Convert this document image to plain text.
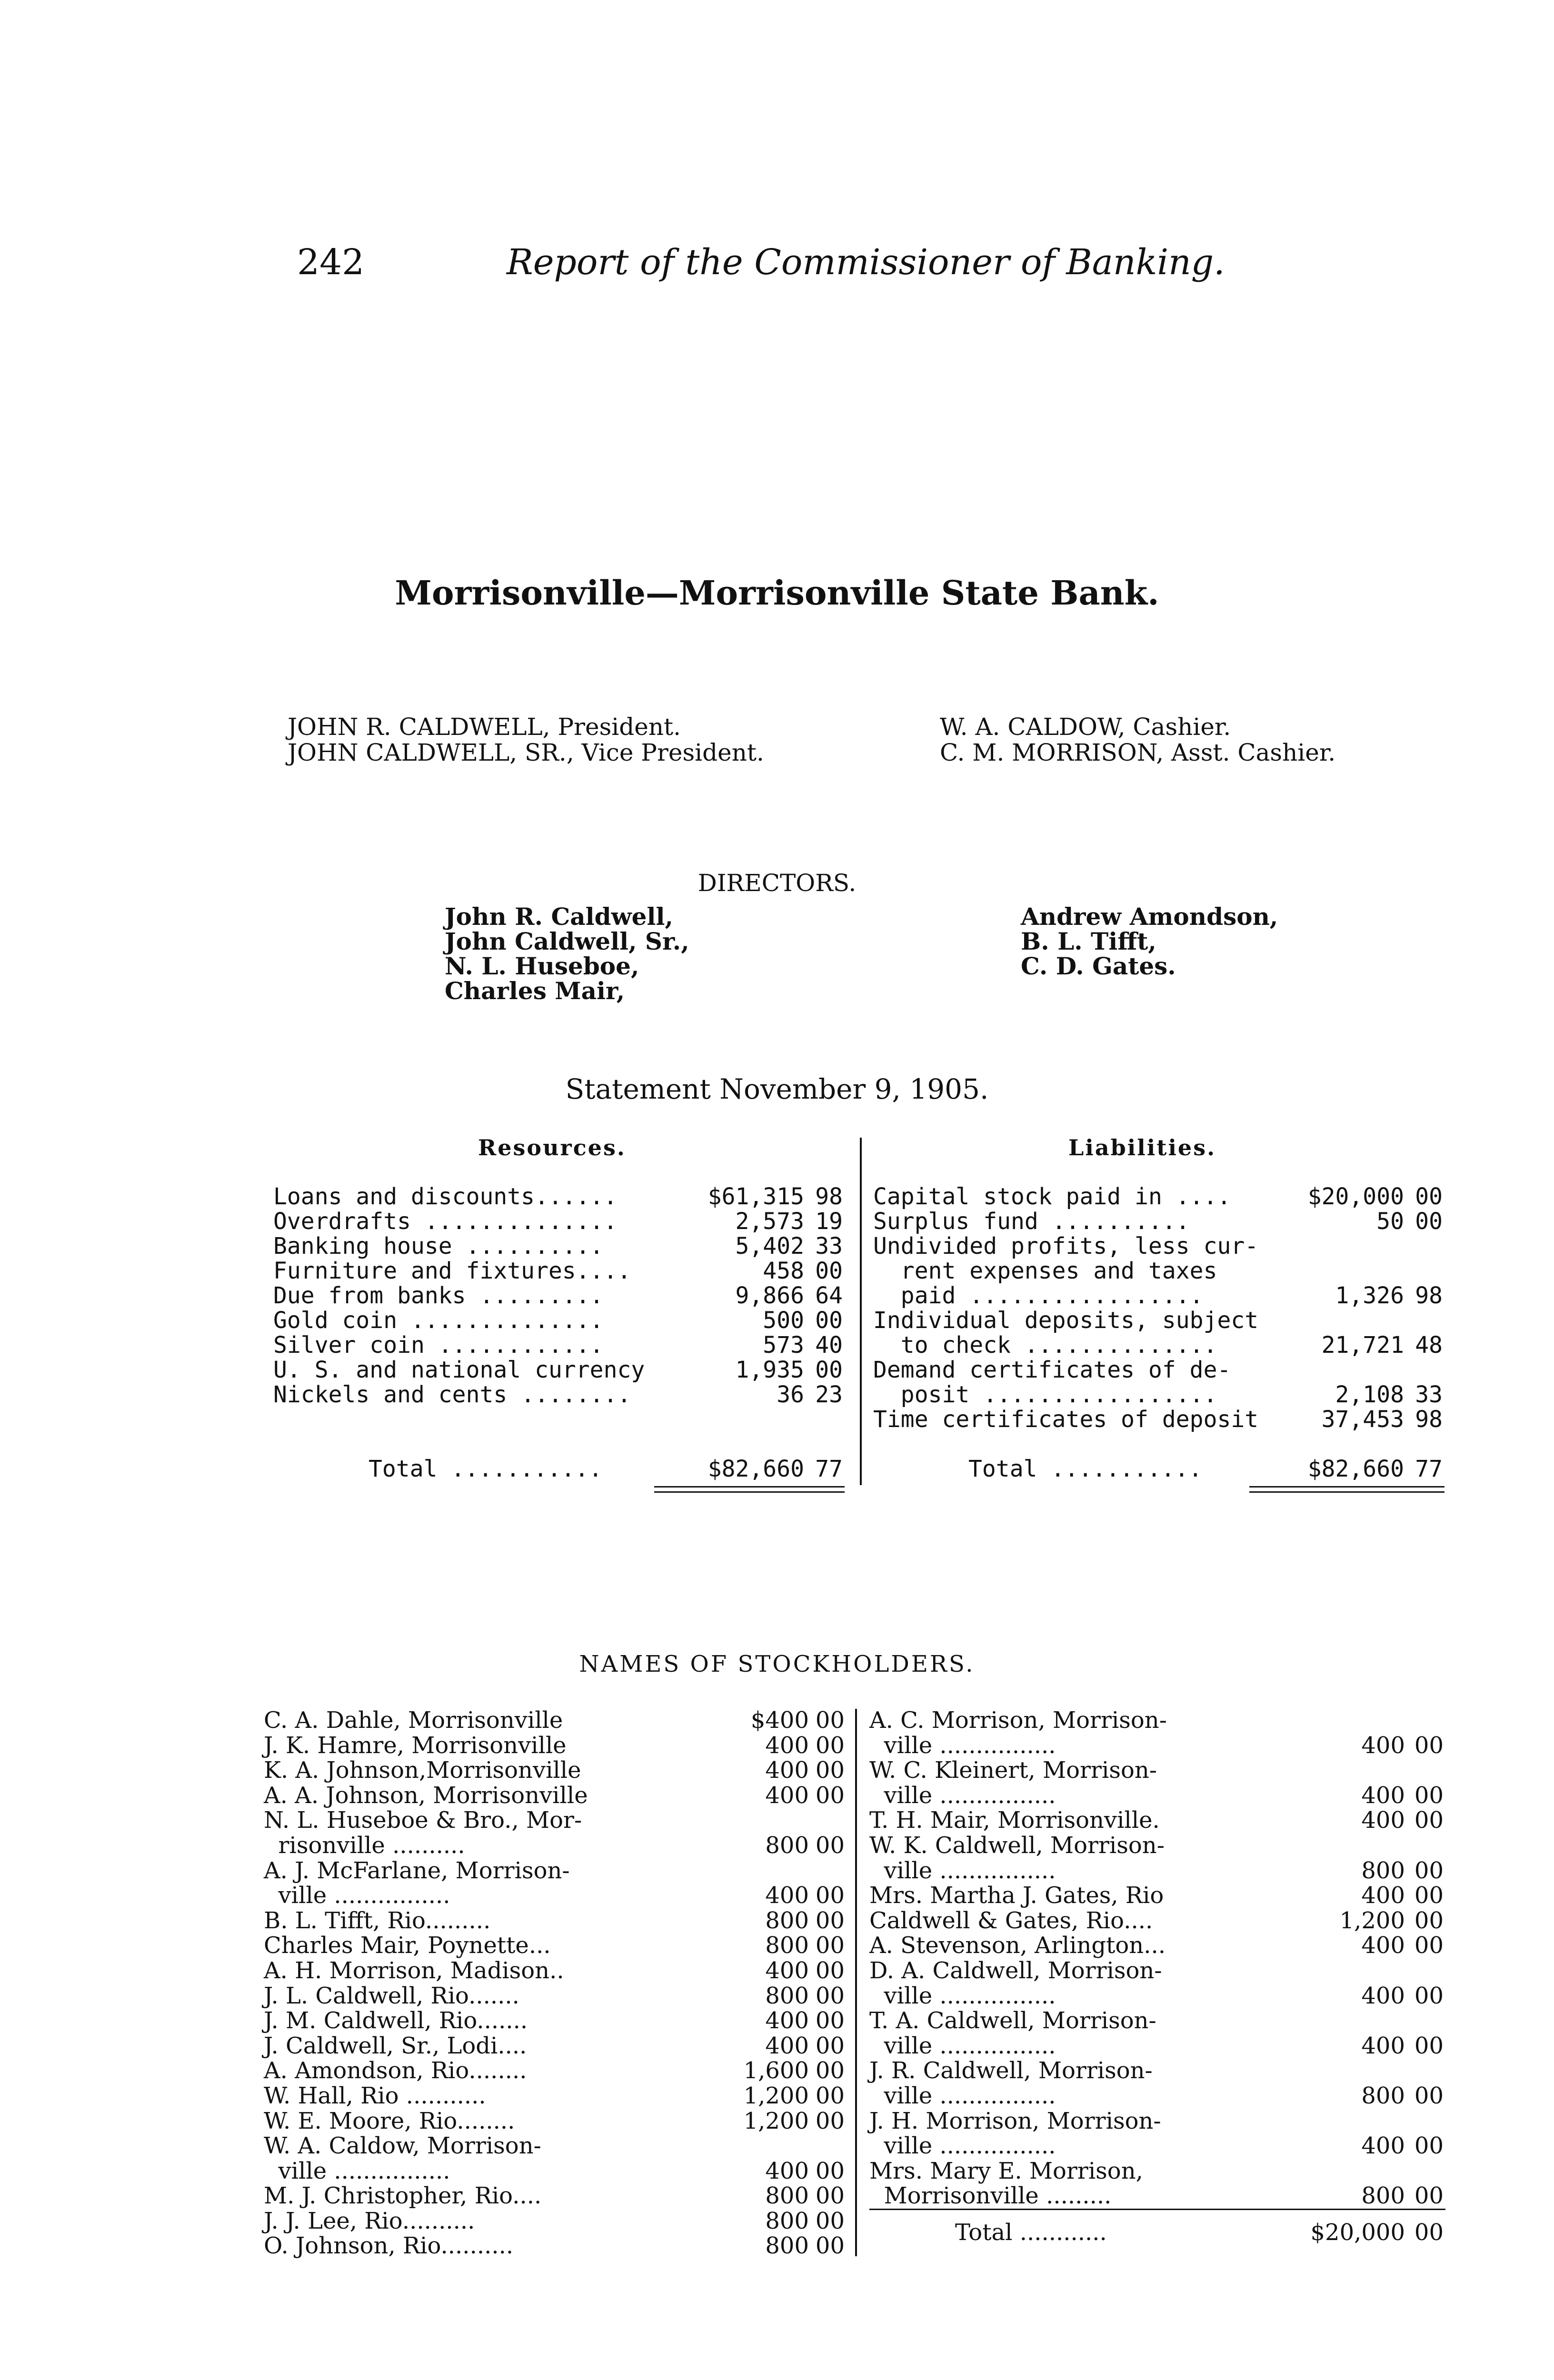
242	Report of the Commissioner of Banking.
Morrisonville—Morrisonville State Bank.
JOHN R. CALDWELL, President.
JOHN CALDWELL, SR., Vice President.
W. A. CALDOW, Cashier.
C. M. MORRISON, Asst. Cashier.
DIRECTORS.
John R. Caldwell,
John Caldwell, Sr.,
N. L. Huseboe,
Charles Mair,
Andrew Amondson,
B. L. Tifft,
C. D. Gates.
Statement November 9, 1905.
Resources.	Liabilities.
Loans and discounts......	$61,315 98
Overdrafts ..............	2,573 19
Banking house ..........	5,402 33
Furniture and fixtures....	458 00
Due from banks .........	9,866 64
Gold coin ..............	500 00
Silver coin ............	573 40
U. S. and national currency	1,935 00
Nickels and cents ........	36 23
Total ...........	$82,660 77
Capital stock paid in ....	$20,000 00
Surplus fund ..........	50 00
Undivided profits, less cur-
rent expenses and taxes
paid .................	1,326 98
Individual deposits, subject
to check ..............	21,721 48
Demand certificates of de-
posit .................	2,108 33
Time certificates of deposit	37,453 98
Total ...........	$82,660 77
NAMES OF STOCKHOLDERS.
C. A. Dahle, Morrisonville	$400 00
J. K. Hamre, Morrisonville	400 00
K. A. Johnson,Morrisonville	400 00
A. A. Johnson, Morrisonville	400 00
N. L. Huseboe & Bro., Mor-
risonville ..........	800 00
A. J. McFarlane, Morrison-
ville ................	400 00
B. L. Tifft, Rio.........	800 00
Charles Mair, Poynette...	800 00
A. H. Morrison, Madison..	400 00
J. L. Caldwell, Rio.......	800 00
J. M. Caldwell, Rio.......	400 00
J. Caldwell, Sr., Lodi....	400 00
A. Amondson, Rio........	1,600 00
W. Hall, Rio ...........	1,200 00
W. E. Moore, Rio........	1,200 00
W. A. Caldow, Morrison-
ville ................	400 00
M. J. Christopher, Rio....	800 00
J. J. Lee, Rio..........	800 00
O. Johnson, Rio..........	800 00
A. C. Morrison, Morrison-
ville ................	400 00
W. C. Kleinert, Morrison-
ville ................	400 00
T. H. Mair, Morrisonville.	400 00
W. K. Caldwell, Morrison-
ville ................	800 00
Mrs. Martha J. Gates, Rio	400 00
Caldwell & Gates, Rio....	1,200 00
A. Stevenson, Arlington...	400 00
D. A. Caldwell, Morrison-
ville ................	400 00
T. A. Caldwell, Morrison-
ville ................	400 00
J. R. Caldwell, Morrison-
ville ................	800 00
J. H. Morrison, Morrison-
ville ................	400 00
Mrs. Mary E. Morrison,
Morrisonville .........	800 00
Total ............	$20,000 00
